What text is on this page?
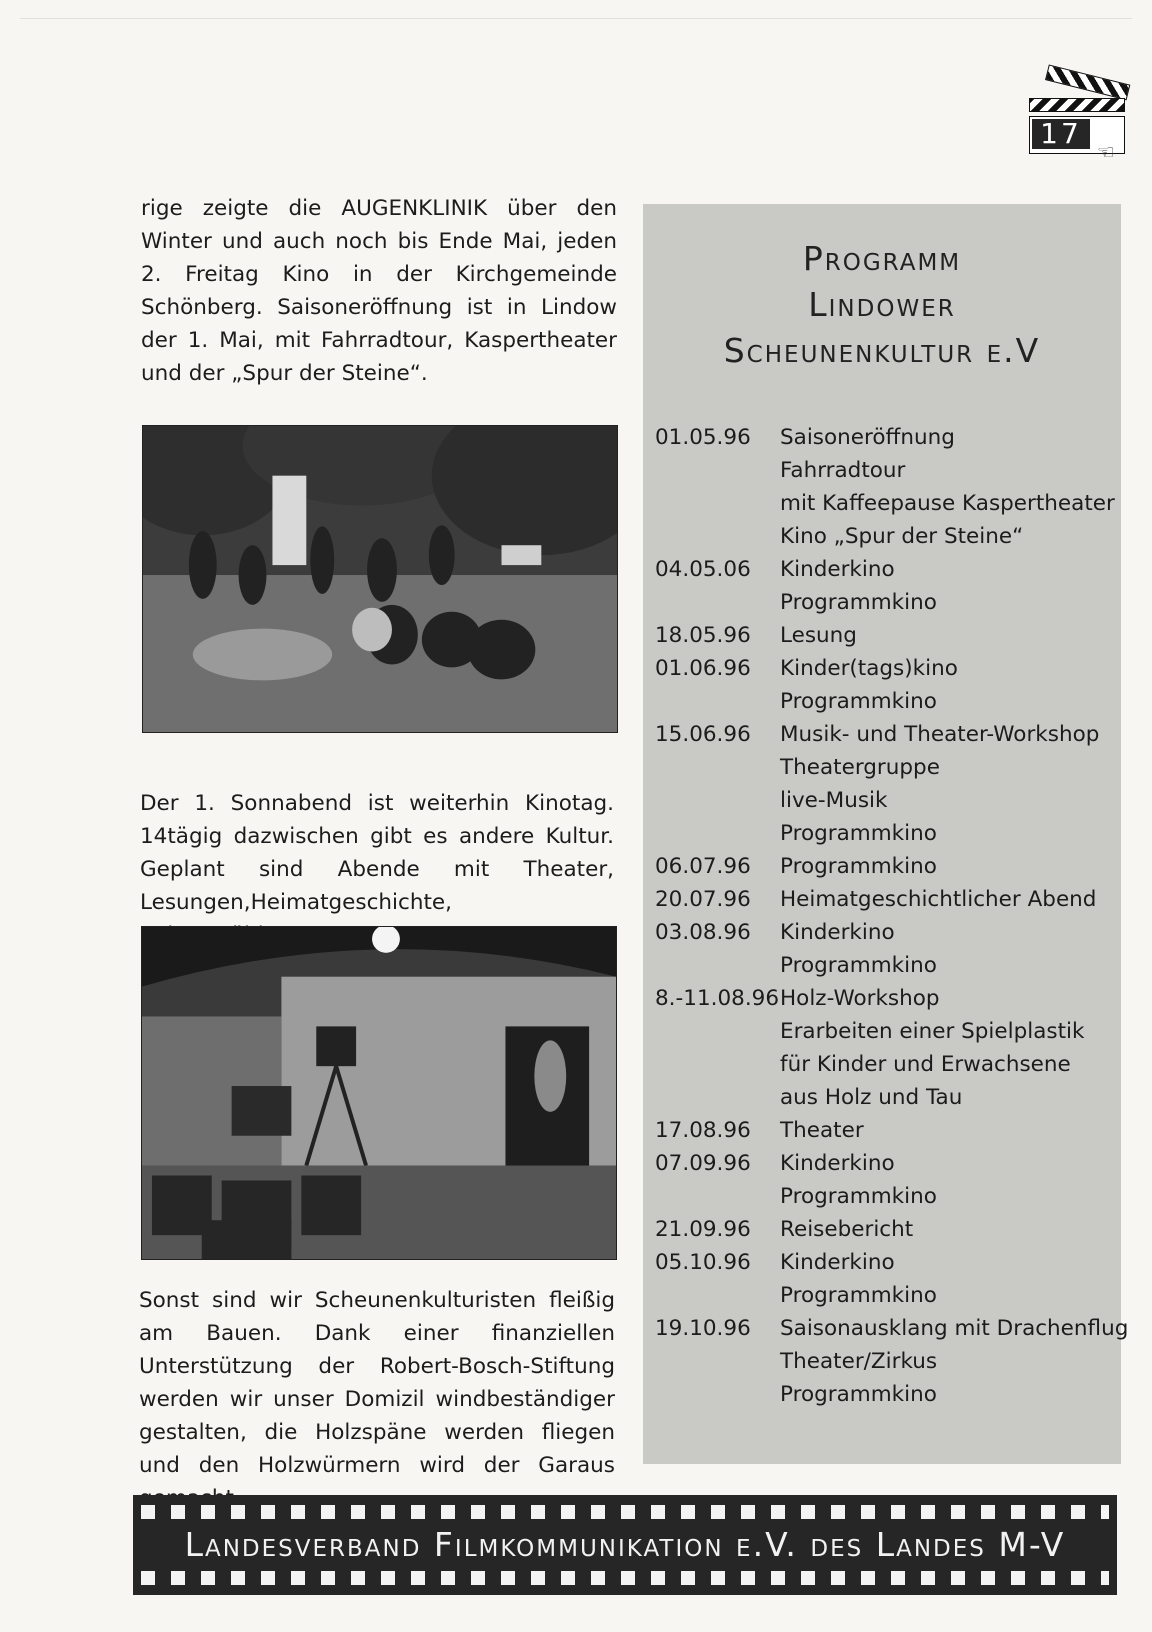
17
☜

rige zeigte die AUGENKLINIK über den Winter und auch noch bis Ende Mai, jeden 2. Freitag Kino in der Kirchgemeinde Schönberg. Saisoneröffnung ist in Lindow der 1. Mai, mit Fahrradtour, Kaspertheater und der „Spur der Steine“.

Der 1. Sonnabend ist weiterhin Kinotag. 14tägig dazwischen gibt es andere Kultur. Geplant sind Abende mit Theater, Lesungen,Heimatgeschichte,

Sonst sind wir Scheunenkulturisten fleißig am Bauen. Dank einer finanziellen Unterstützung der Robert-Bosch-Stiftung werden wir unser Domizil windbeständiger gestalten, die Holzspäne werden fliegen und den Holzwürmern wird der Garaus

Programm
Lindower
Scheunenkultur e.V
01.05.96	Saisoneröffnung
Fahrradtour
mit Kaffeepause Kaspertheater
Kino „Spur der Steine“
04.05.06	Kinderkino
Programmkino
18.05.96	Lesung
01.06.96	Kinder(tags)kino
Programmkino
15.06.96	Musik- und Theater-Workshop
Theatergruppe
live-Musik
Programmkino
06.07.96	Programmkino
20.07.96	Heimatgeschichtlicher Abend
03.08.96	Kinderkino
Programmkino
8.-11.08.96 Holz-Workshop
Erarbeiten einer Spielplastik
für Kinder und Erwachsene
aus Holz und Tau
17.08.96	Theater
07.09.96	Kinderkino
Programmkino
21.09.96	Reisebericht
05.10.96	Kinderkino
Programmkino
19.10.96	Saisonausklang mit Drachenflug
Theater/Zirkus
Programmkino

Landesverband Filmkommunikation e.V. des Landes M-V
